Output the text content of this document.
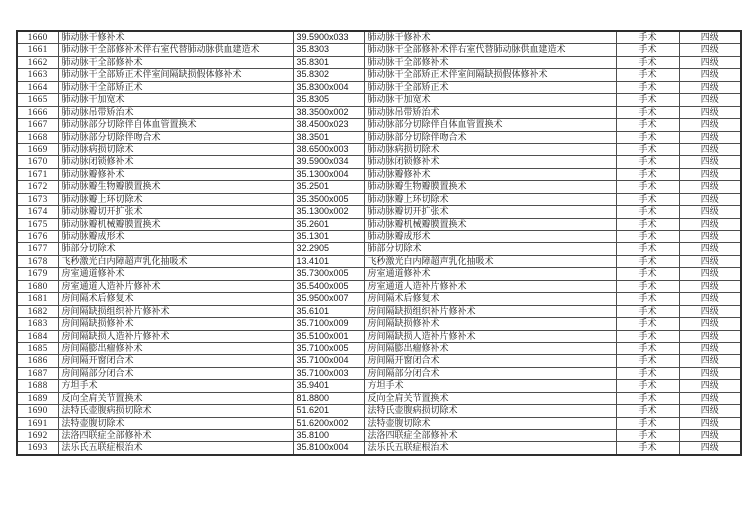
1660	肺动脉干修补术	39.5900x033	肺动脉干修补术	手术	四级
1661	肺动脉干全部修补术伴右室代替肺动脉供血建造术	35.8303	肺动脉干全部修补术伴右室代替肺动脉供血建造术	手术	四级
1662	肺动脉干全部修补术	35.8301	肺动脉干全部修补术	手术	四级
1663	肺动脉干全部矫正术伴室间隔缺损假体修补术	35.8302	肺动脉干全部矫正术伴室间隔缺损假体修补术	手术	四级
1664	肺动脉干全部矫正术	35.8300x004	肺动脉干全部矫正术	手术	四级
1665	肺动脉干加宽术	35.8305	肺动脉干加宽术	手术	四级
1666	肺动脉吊带矫治术	38.3500x002	肺动脉吊带矫治术	手术	四级
1667	肺动脉部分切除伴自体血管置换术	38.4500x023	肺动脉部分切除伴自体血管置换术	手术	四级
1668	肺动脉部分切除伴吻合术	38.3501	肺动脉部分切除伴吻合术	手术	四级
1669	肺动脉病损切除术	38.6500x003	肺动脉病损切除术	手术	四级
1670	肺动脉闭锁修补术	39.5900x034	肺动脉闭锁修补术	手术	四级
1671	肺动脉瓣修补术	35.1300x004	肺动脉瓣修补术	手术	四级
1672	肺动脉瓣生物瓣膜置换术	35.2501	肺动脉瓣生物瓣膜置换术	手术	四级
1673	肺动脉瓣上环切除术	35.3500x005	肺动脉瓣上环切除术	手术	四级
1674	肺动脉瓣切开扩张术	35.1300x002	肺动脉瓣切开扩张术	手术	四级
1675	肺动脉瓣机械瓣膜置换术	35.2601	肺动脉瓣机械瓣膜置换术	手术	四级
1676	肺动脉瓣成形术	35.1301	肺动脉瓣成形术	手术	四级
1677	肺部分切除术	32.2905	肺部分切除术	手术	四级
1678	飞秒激光白内障超声乳化抽吸术	13.4101	飞秒激光白内障超声乳化抽吸术	手术	四级
1679	房室通道修补术	35.7300x005	房室通道修补术	手术	四级
1680	房室通道人造补片修补术	35.5400x005	房室通道人造补片修补术	手术	四级
1681	房间隔术后修复术	35.9500x007	房间隔术后修复术	手术	四级
1682	房间隔缺损组织补片修补术	35.6101	房间隔缺损组织补片修补术	手术	四级
1683	房间隔缺损修补术	35.7100x009	房间隔缺损修补术	手术	四级
1684	房间隔缺损人造补片修补术	35.5100x001	房间隔缺损人造补片修补术	手术	四级
1685	房间隔膨出瘤修补术	35.7100x005	房间隔膨出瘤修补术	手术	四级
1686	房间隔开窗闭合术	35.7100x004	房间隔开窗闭合术	手术	四级
1687	房间隔部分闭合术	35.7100x003	房间隔部分闭合术	手术	四级
1688	方坦手术	35.9401	方坦手术	手术	四级
1689	反向全肩关节置换术	81.8800	反向全肩关节置换术	手术	四级
1690	法特氏壶腹病损切除术	51.6201	法特氏壶腹病损切除术	手术	四级
1691	法特壶腹切除术	51.6200x002	法特壶腹切除术	手术	四级
1692	法洛四联症全部修补术	35.8100	法洛四联症全部修补术	手术	四级
1693	法乐氏五联症根治术	35.8100x004	法乐氏五联症根治术	手术	四级
